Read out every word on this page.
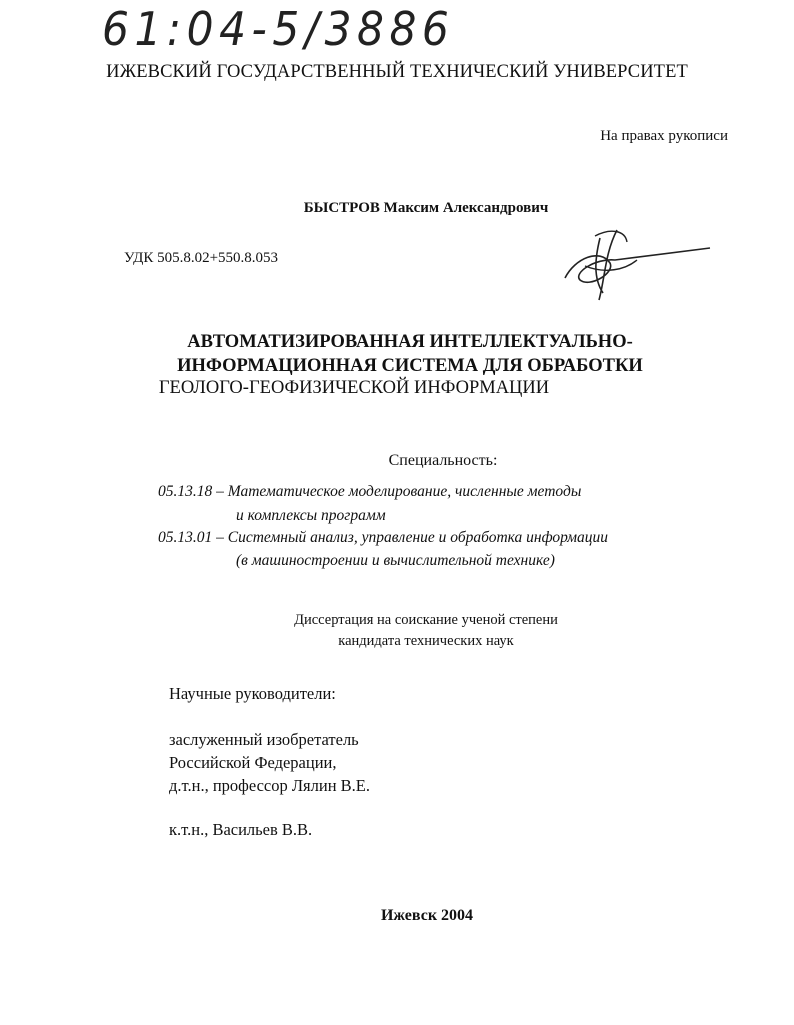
61:04-5/3886
ИЖЕВСКИЙ ГОСУДАРСТВЕННЫЙ ТЕХНИЧЕСКИЙ УНИВЕРСИТЕТ
На правах рукописи
БЫСТРОВ Максим Александрович
УДК 505.8.02+550.8.053
АВТОМАТИЗИРОВАННАЯ ИНТЕЛЛЕКТУАЛЬНО-
ИНФОРМАЦИОННАЯ СИСТЕМА ДЛЯ ОБРАБОТКИ
ГЕОЛОГО-ГЕОФИЗИЧЕСКОЙ ИНФОРМАЦИИ
Специальность:
05.13.18 – Математическое моделирование, численные методы
и комплексы программ
05.13.01 – Системный анализ, управление и обработка информации
(в машиностроении и вычислительной технике)
Диссертация на соискание ученой степени
кандидата технических наук
Научные руководители:
заслуженный изобретатель
Российской Федерации,
д.т.н., профессор Лялин В.Е.
к.т.н., Васильев В.В.
Ижевск 2004
